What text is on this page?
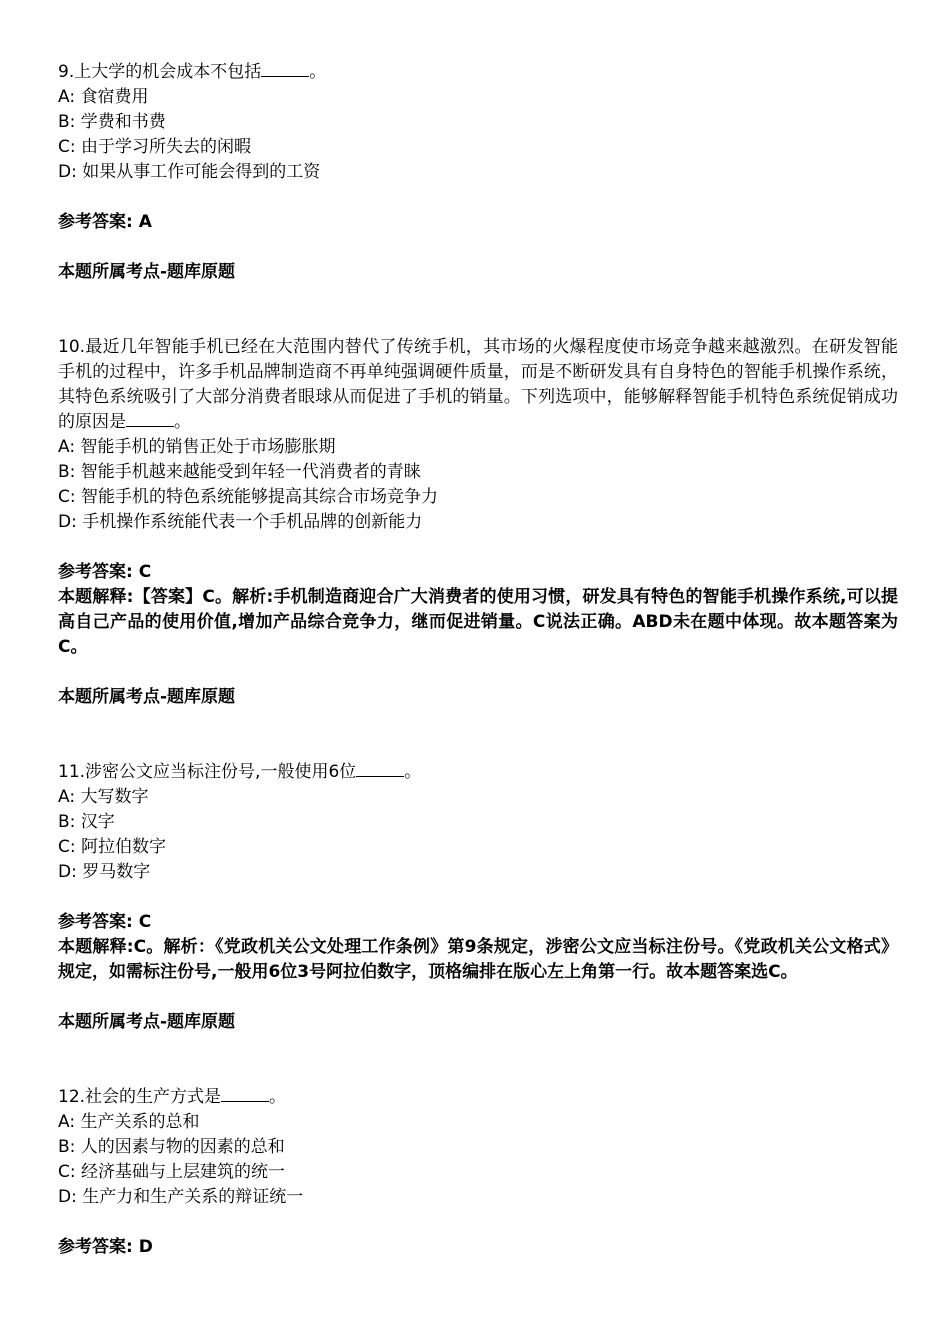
9.上大学的机会成本不包括	。
A: 食宿费用
B: 学费和书费
C: 由于学习所失去的闲暇
D: 如果从事工作可能会得到的工资
参考答案: A
本题所属考点-题库原题
10.最近几年智能手机已经在大范围内替代了传统手机，其市场的火爆程度使市场竞争越来越激烈。在研发智能手机的过程中，许多手机品牌制造商不再单纯强调硬件质量，而是不断研发具有自身特色的智能手机操作系统，其特色系统吸引了大部分消费者眼球从而促进了手机的销量。下列选项中，能够解释智能手机特色系统促销成功的原因是	。
A: 智能手机的销售正处于市场膨胀期
B: 智能手机越来越能受到年轻一代消费者的青睐
C: 智能手机的特色系统能够提高其综合市场竞争力
D: 手机操作系统能代表一个手机品牌的创新能力
参考答案: C
本题解释:【答案】C。解析:手机制造商迎合广大消费者的使用习惯，研发具有特色的智能手机操作系统,可以提高自己产品的使用价值,增加产品综合竞争力，继而促进销量。C说法正确。ABD未在题中体现。故本题答案为C。
本题所属考点-题库原题
11.涉密公文应当标注份号,一般使用6位	。
A: 大写数字
B: 汉字
C: 阿拉伯数字
D: 罗马数字
参考答案: C
本题解释:C。解析：《党政机关公文处理工作条例》第9条规定，涉密公文应当标注份号。《党政机关公文格式》规定，如需标注份号,一般用6位3号阿拉伯数字，顶格编排在版心左上角第一行。故本题答案选C。
本题所属考点-题库原题
12.社会的生产方式是	。
A: 生产关系的总和
B: 人的因素与物的因素的总和
C: 经济基础与上层建筑的统一
D: 生产力和生产关系的辩证统一
参考答案: D
